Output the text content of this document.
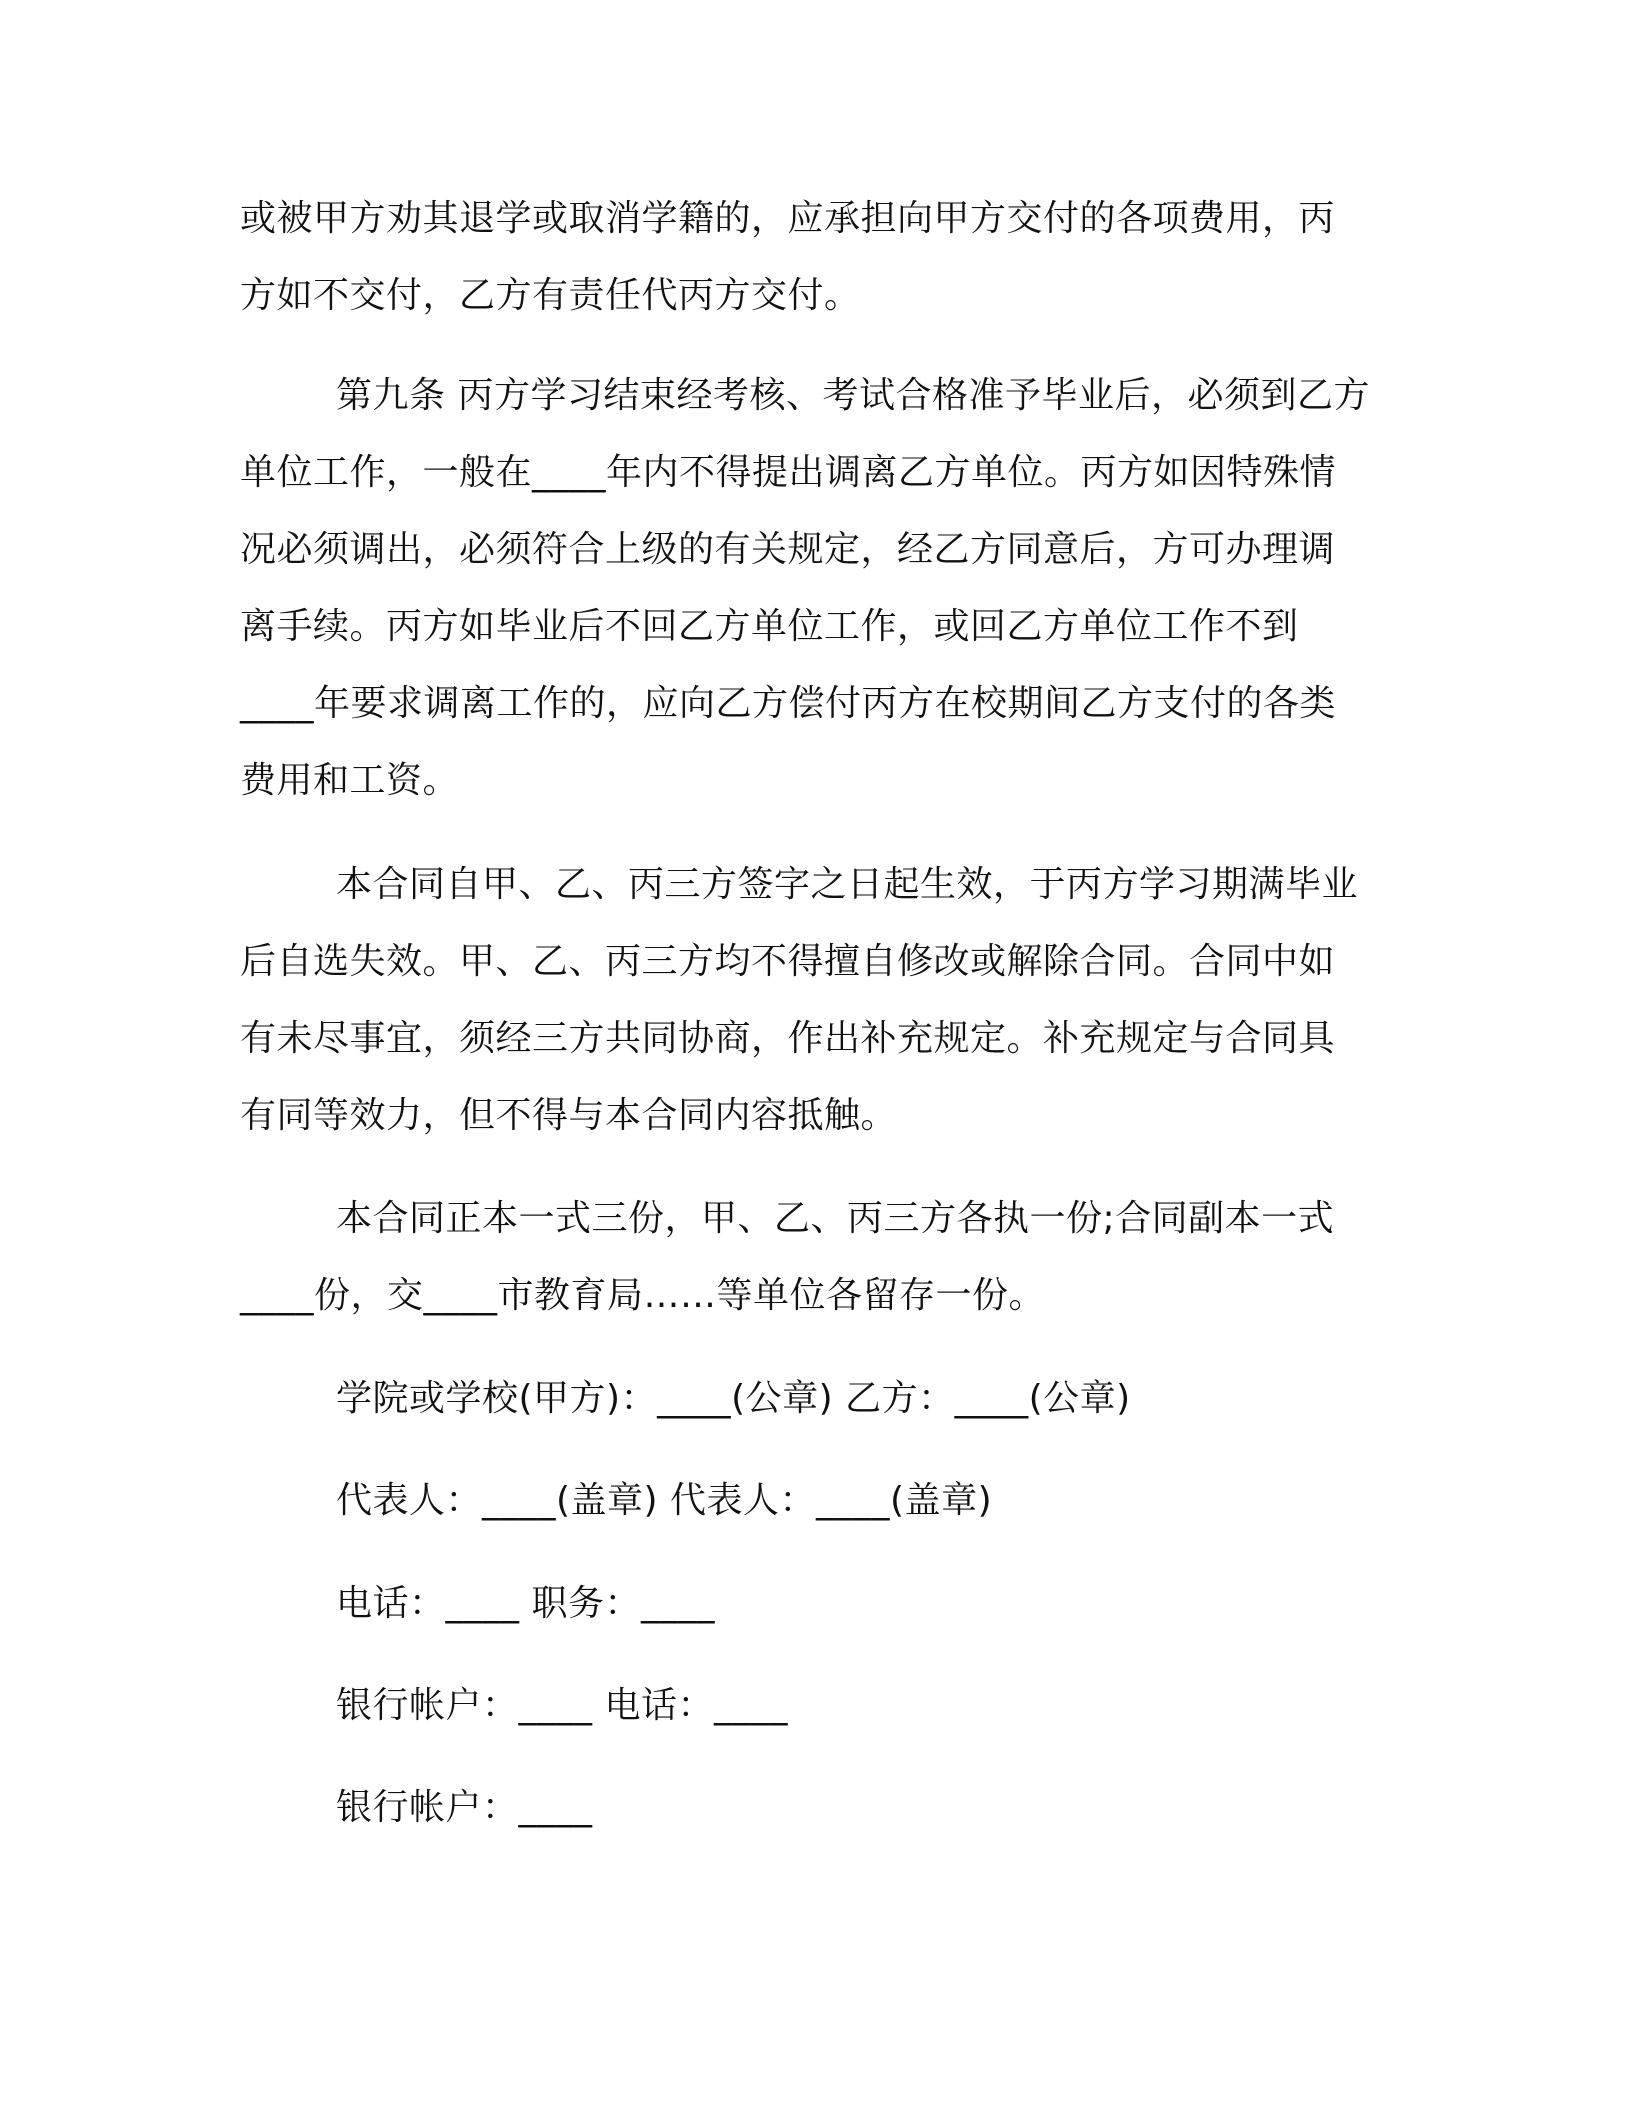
或被甲方劝其退学或取消学籍的，应承担向甲方交付的各项费用，丙
方如不交付，乙方有责任代丙方交付。
第九条 丙方学习结束经考核、考试合格准予毕业后，必须到乙方
单位工作，一般在____年内不得提出调离乙方单位。丙方如因特殊情
况必须调出，必须符合上级的有关规定，经乙方同意后，方可办理调
离手续。丙方如毕业后不回乙方单位工作，或回乙方单位工作不到
____年要求调离工作的，应向乙方偿付丙方在校期间乙方支付的各类
费用和工资。
本合同自甲、乙、丙三方签字之日起生效，于丙方学习期满毕业
后自选失效。甲、乙、丙三方均不得擅自修改或解除合同。合同中如
有未尽事宜，须经三方共同协商，作出补充规定。补充规定与合同具
有同等效力，但不得与本合同内容抵触。
本合同正本一式三份，甲、乙、丙三方各执一份;合同副本一式
____份，交____市教育局……等单位各留存一份。
学院或学校(甲方)：____(公章) 乙方：____(公章)
代表人：____(盖章) 代表人：____(盖章)
电话：____ 职务：____
银行帐户：____ 电话：____
银行帐户：____
